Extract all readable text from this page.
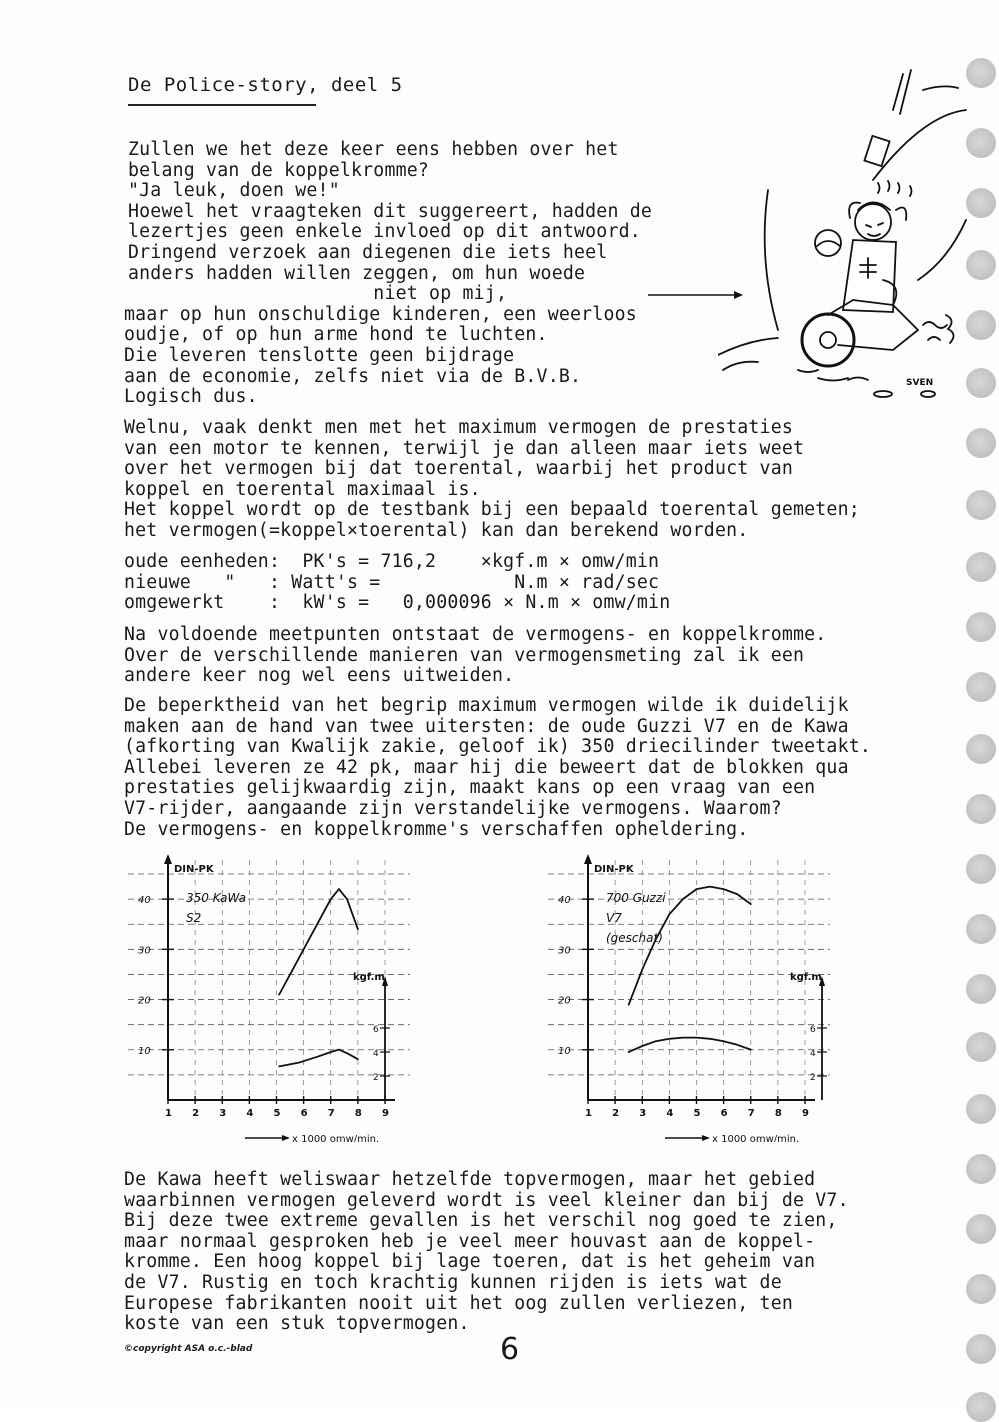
De Police-story, deel 5
Zullen we het deze keer eens hebben over het
belang van de koppelkromme?
"Ja leuk, doen we!"
Hoewel het vraagteken dit suggereert, hadden de
lezertjes geen enkele invloed op dit antwoord.
Dringend verzoek aan diegenen die iets heel
anders hadden willen zeggen, om hun woede
niet op mij,
maar op hun onschuldige kinderen, een weerloos
oudje, of op hun arme hond te luchten.
Die leveren tenslotte geen bijdrage
aan de economie, zelfs niet via de B.V.B.
Logisch dus.
SVEN
Welnu, vaak denkt men met het maximum vermogen de prestaties
van een motor te kennen, terwijl je dan alleen maar iets weet
over het vermogen bij dat toerental, waarbij het product van
koppel en toerental maximaal is.
Het koppel wordt op de testbank bij een bepaald toerental gemeten;
het vermogen(=koppel×toerental) kan dan berekend worden.
oude eenheden:  PK's = 716,2    ×kgf.m × omw/min
nieuwe   "   : Watt's =            N.m × rad/sec
omgewerkt    :  kW's =   0,000096 × N.m × omw/min
Na voldoende meetpunten ontstaat de vermogens- en koppelkromme.
Over de verschillende manieren van vermogensmeting zal ik een
andere keer nog wel eens uitweiden.
De beperktheid van het begrip maximum vermogen wilde ik duidelijk
maken aan de hand van twee uitersten: de oude Guzzi V7 en de Kawa
(afkorting van Kwalijk zakie, geloof ik) 350 driecilinder tweetakt.
Allebei leveren ze 42 pk, maar hij die beweert dat de blokken qua
prestaties gelijkwaardig zijn, maakt kans op een vraag van een
V7-rijder, aangaande zijn verstandelijke vermogens. Waarom?
De vermogens- en koppelkromme's verschaffen opheldering.
DIN-PK
10
20
30
40
1 2 3 4 5 6 7 8 9
x 1000 omw/min.
kgf.m
2
4
6
350 KaWa
S2
DIN-PK
10
20
30
40
1 2 3 4 5 6 7 8 9
x 1000 omw/min.
kgf.m
2
4
6
700 Guzzi
V7
(geschat)
De Kawa heeft weliswaar hetzelfde topvermogen, maar het gebied
waarbinnen vermogen geleverd wordt is veel kleiner dan bij de V7.
Bij deze twee extreme gevallen is het verschil nog goed te zien,
maar normaal gesproken heb je veel meer houvast aan de koppel-
kromme. Een hoog koppel bij lage toeren, dat is het geheim van
de V7. Rustig en toch krachtig kunnen rijden is iets wat de
Europese fabrikanten nooit uit het oog zullen verliezen, ten
koste van een stuk topvermogen.
©copyright ASA o.c.-blad	6
